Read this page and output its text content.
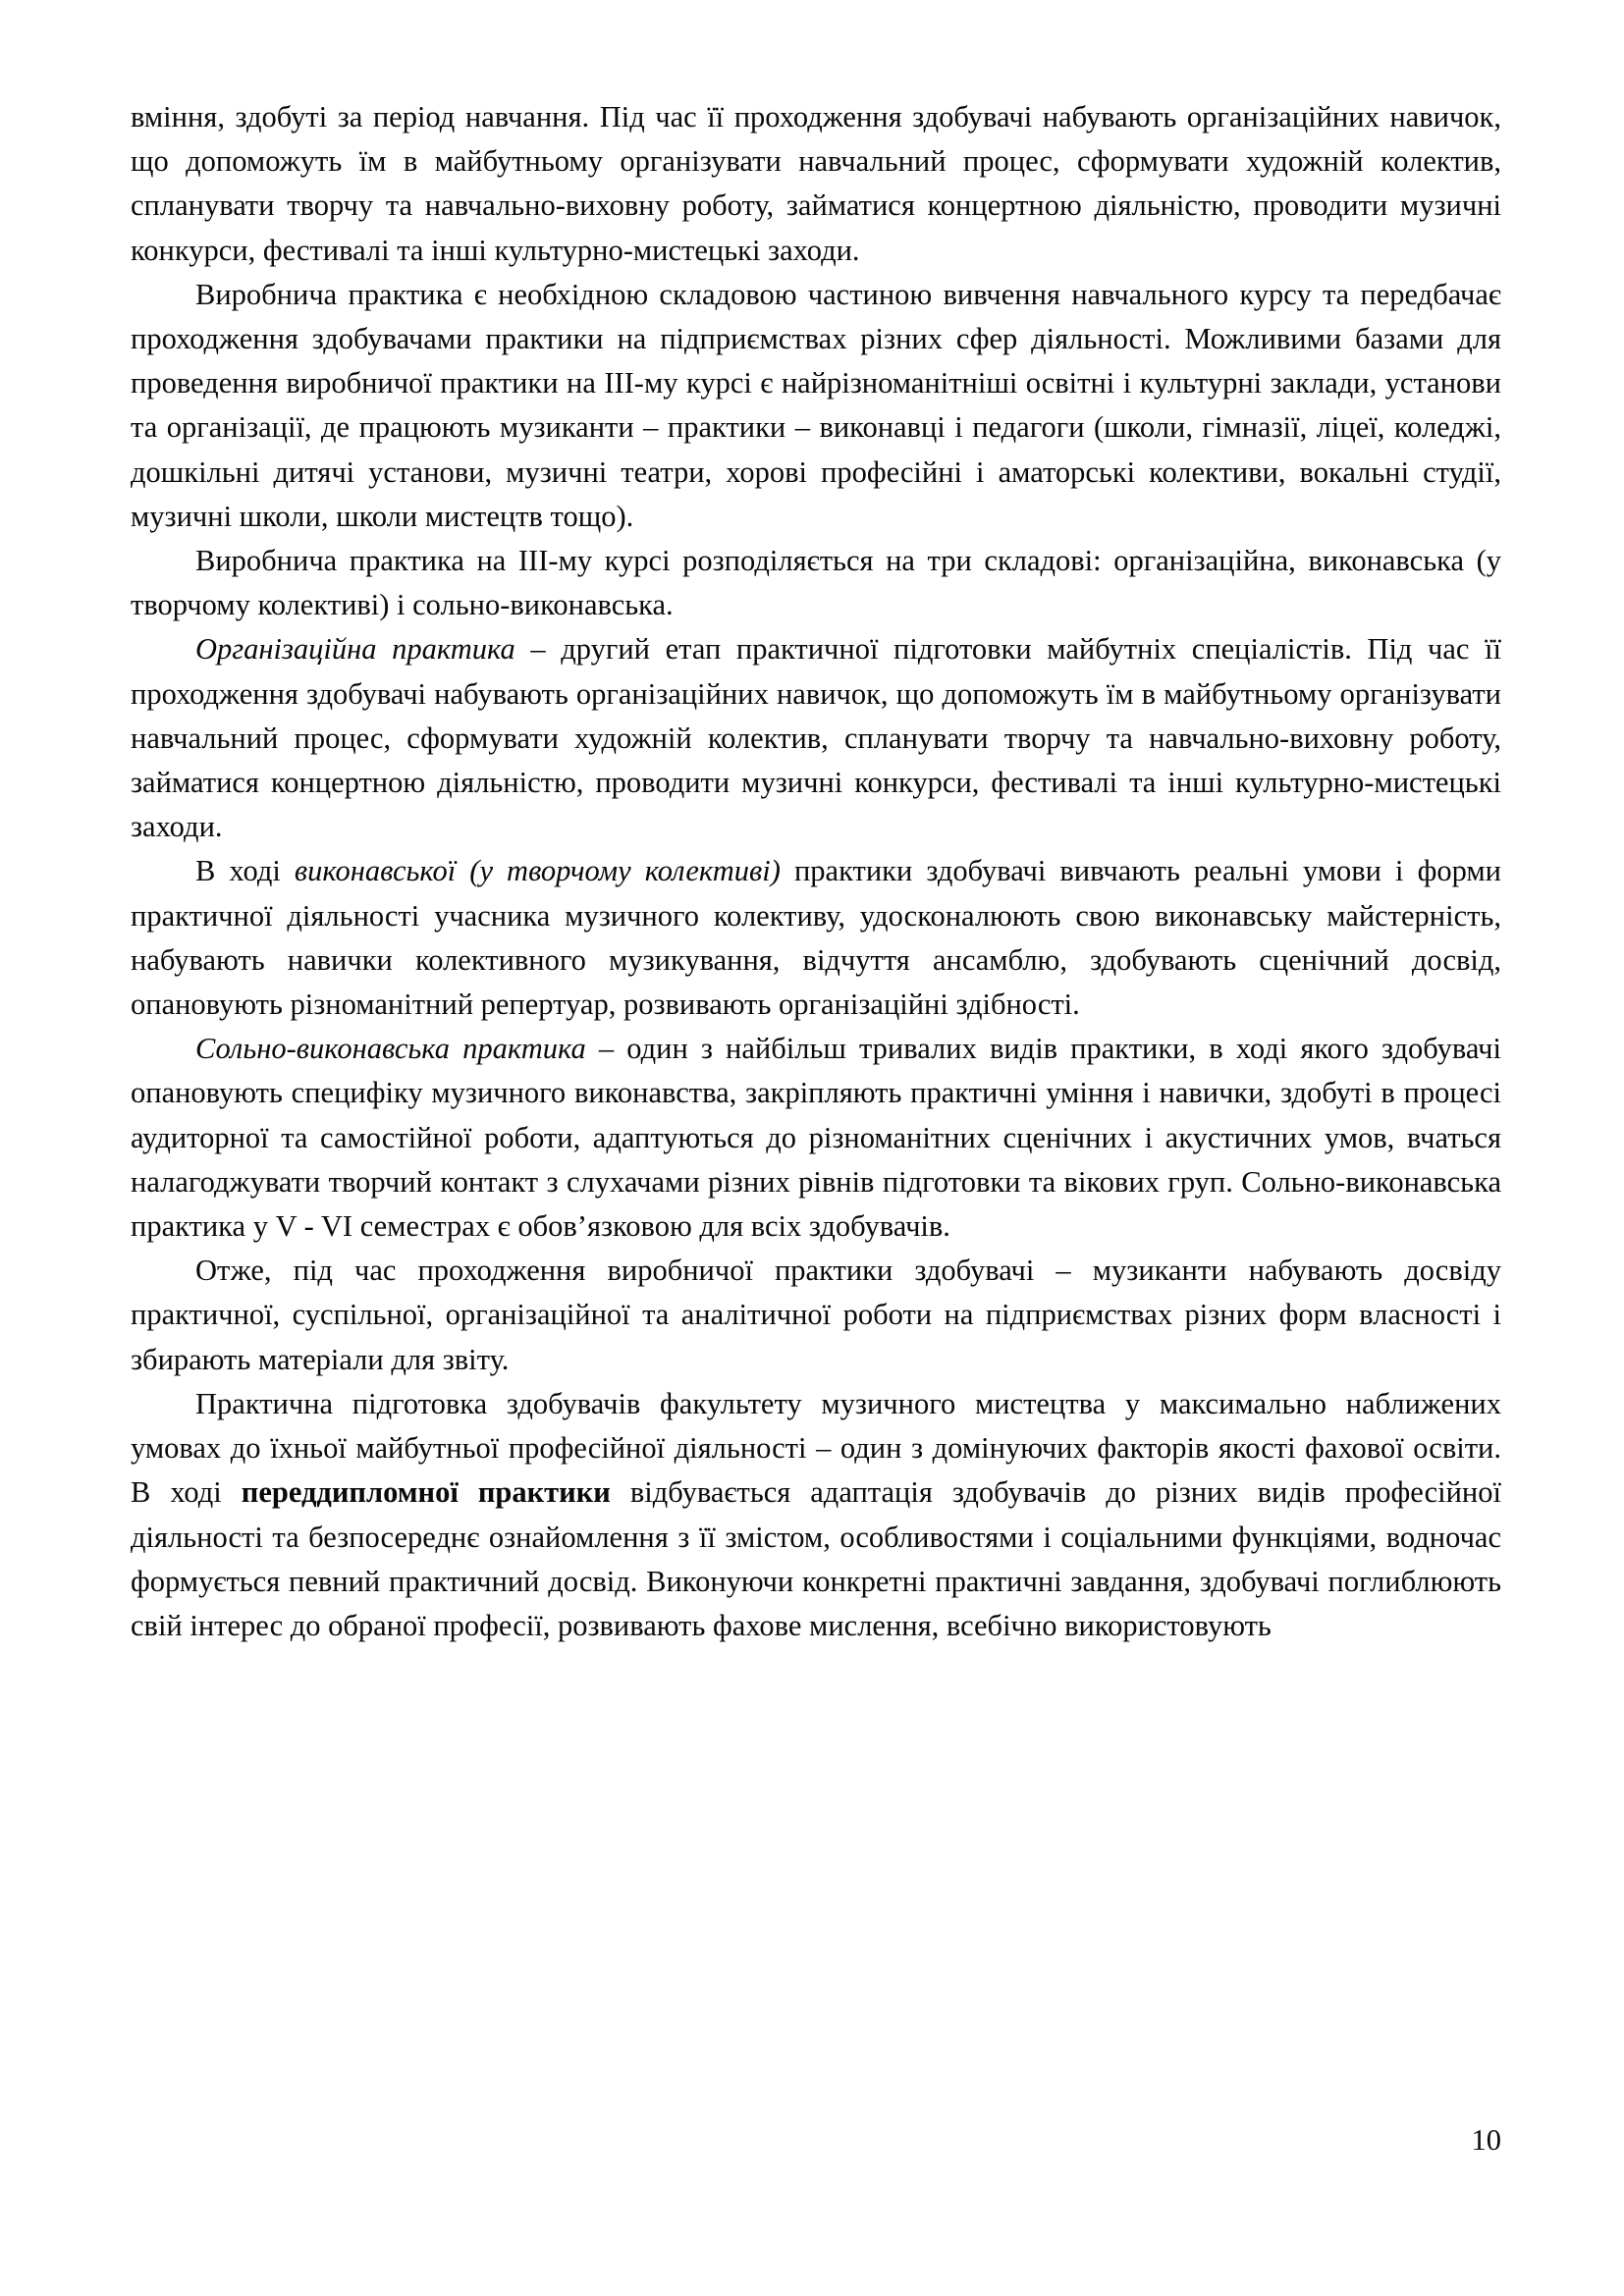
вміння, здобуті за період навчання. Під час її проходження здобувачі набувають організаційних навичок, що допоможуть їм в майбутньому організувати навчальний процес, сформувати художній колектив, спланувати творчу та навчально-виховну роботу, займатися концертною діяльністю, проводити музичні конкурси, фестивалі та інші культурно-мистецькі заходи.

Виробнича практика є необхідною складовою частиною вивчення навчального курсу та передбачає проходження здобувачами практики на підприємствах різних сфер діяльності. Можливими базами для проведення виробничої практики на ІІІ-му курсі є найрізноманітніші освітні і культурні заклади, установи та організації, де працюють музиканти – практики – виконавці і педагоги (школи, гімназії, ліцеї, коледжі, дошкільні дитячі установи, музичні театри, хорові професійні і аматорські колективи, вокальні студії, музичні школи, школи мистецтв тощо).

Виробнича практика на ІІІ-му курсі розподіляється на три складові: організаційна, виконавська (у творчому колективі) і сольно-виконавська.

Організаційна практика – другий етап практичної підготовки майбутніх спеціалістів. Під час її проходження здобувачі набувають організаційних навичок, що допоможуть їм в майбутньому організувати навчальний процес, сформувати художній колектив, спланувати творчу та навчально-виховну роботу, займатися концертною діяльністю, проводити музичні конкурси, фестивалі та інші культурно-мистецькі заходи.

В ході виконавської (у творчому колективі) практики здобувачі вивчають реальні умови і форми практичної діяльності учасника музичного колективу, удосконалюють свою виконавську майстерність, набувають навички колективного музикування, відчуття ансамблю, здобувають сценічний досвід, опановують різноманітний репертуар, розвивають організаційні здібності.

Сольно-виконавська практика – один з найбільш тривалих видів практики, в ході якого здобувачі опановують специфіку музичного виконавства, закріпляють практичні уміння і навички, здобуті в процесі аудиторної та самостійної роботи, адаптуються до різноманітних сценічних і акустичних умов, вчаться налагоджувати творчий контакт з слухачами різних рівнів підготовки та вікових груп. Сольно-виконавська практика у V - VI семестрах є обов’язковою для всіх здобувачів.

Отже, під час проходження виробничої практики здобувачі – музиканти набувають досвіду практичної, суспільної, організаційної та аналітичної роботи на підприємствах різних форм власності і збирають матеріали для звіту.

Практична підготовка здобувачів факультету музичного мистецтва у максимально наближених умовах до їхньої майбутньої професійної діяльності – один з домінуючих факторів якості фахової освіти. В ході переддипломної практики відбувається адаптація здобувачів до різних видів професійної діяльності та безпосереднє ознайомлення з її змістом, особливостями і соціальними функціями, водночас формується певний практичний досвід. Виконуючи конкретні практичні завдання, здобувачі поглиблюють свій інтерес до обраної професії, розвивають фахове мислення, всебічно використовують

10
